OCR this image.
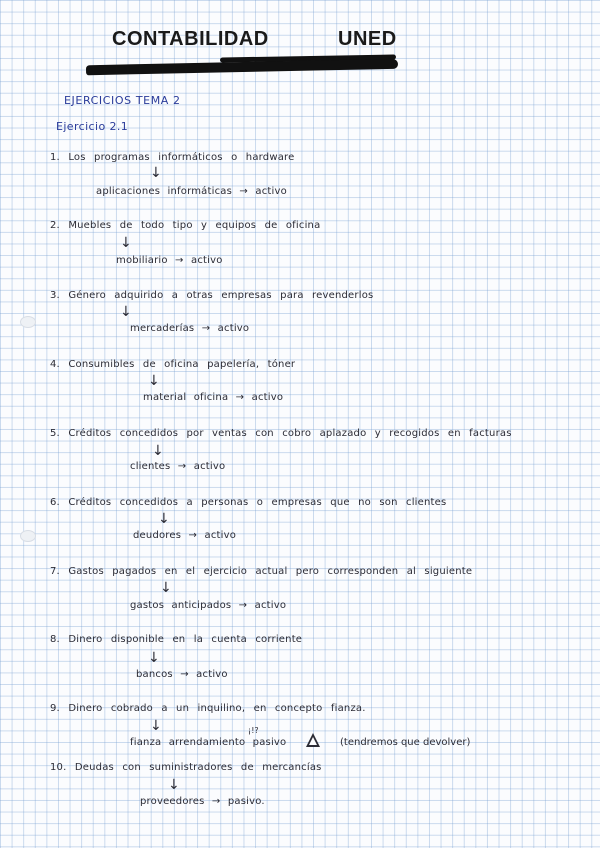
CONTABILIDAD	UNED
EJERCICIOS TEMA 2
Ejercicio 2.1
1. Los programas informáticos o hardware
↓
aplicaciones informáticas → activo
2. Muebles de todo tipo y equipos de oficina
↓
mobiliario → activo
3. Género adquirido a otras empresas para revenderlos
↓
mercaderías → activo
4. Consumibles de oficina papelería, tóner
↓
material oficina → activo
5. Créditos concedidos por ventas con cobro aplazado y recogidos en facturas
↓
clientes → activo
6. Créditos concedidos a personas o empresas que no son clientes
↓
deudores → activo
7. Gastos pagados en el ejercicio actual pero corresponden al siguiente
↓
gastos anticipados → activo
8. Dinero disponible en la cuenta corriente
↓
bancos → activo
9. Dinero cobrado a un inquilino, en concepto fianza.
↓	¡!?
fianza arrendamiento pasivo	(tendremos que devolver)
10. Deudas con suministradores de mercancías
↓
proveedores → pasivo.
